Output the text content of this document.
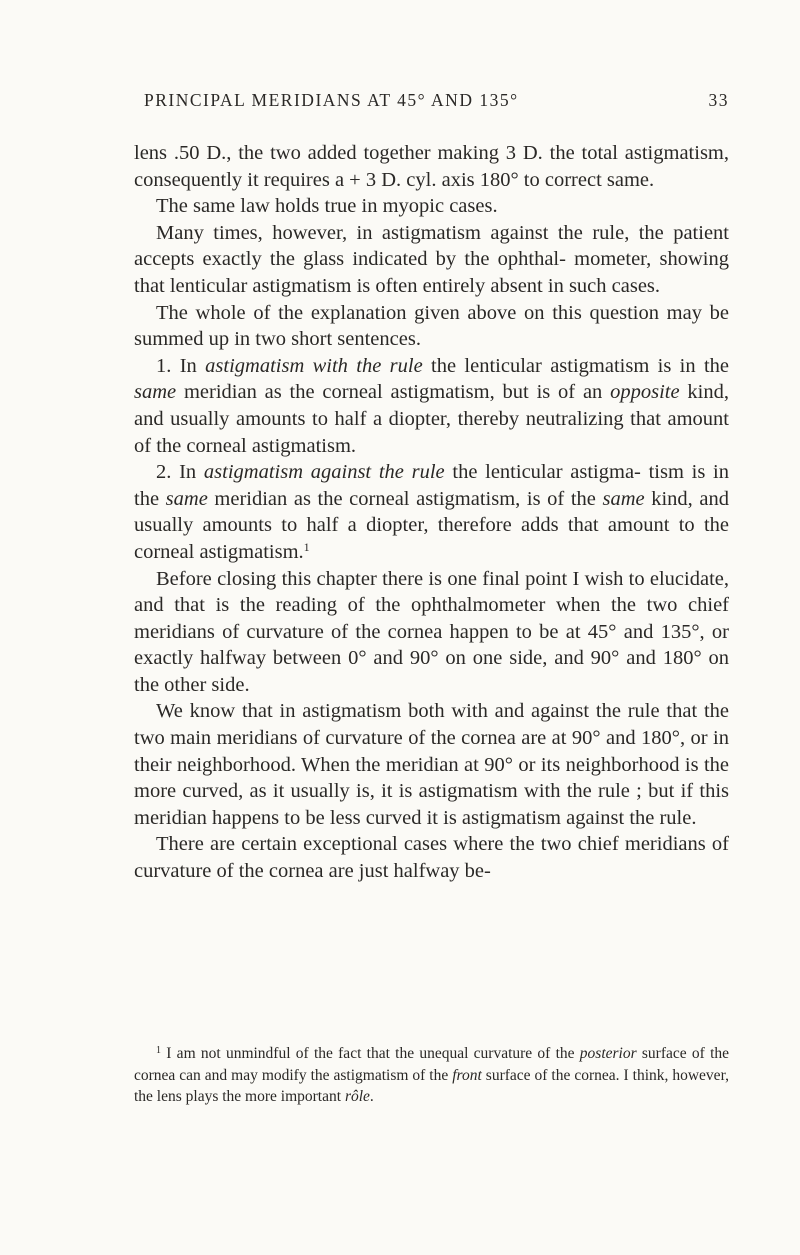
PRINCIPAL MERIDIANS AT 45° AND 135°	33

lens .50 D., the two added together making 3 D. the total astigmatism, consequently it requires a + 3 D. cyl. axis 180° to correct same.

The same law holds true in myopic cases.

Many times, however, in astigmatism against the rule, the patient accepts exactly the glass indicated by the ophthal- mometer, showing that lenticular astigmatism is often entirely absent in such cases.

The whole of the explanation given above on this question may be summed up in two short sentences.

1. In astigmatism with the rule the lenticular astigmatism is in the same meridian as the corneal astigmatism, but is of an opposite kind, and usually amounts to half a diopter, thereby neutralizing that amount of the corneal astigmatism.

2. In astigmatism against the rule the lenticular astigma- tism is in the same meridian as the corneal astigmatism, is of the same kind, and usually amounts to half a diopter, therefore adds that amount to the corneal astigmatism.$^1$

Before closing this chapter there is one final point I wish to elucidate, and that is the reading of the ophthalmometer when the two chief meridians of curvature of the cornea happen to be at 45° and 135°, or exactly halfway between 0° and 90° on one side, and 90° and 180° on the other side.

We know that in astigmatism both with and against the rule that the two main meridians of curvature of the cornea are at 90° and 180°, or in their neighborhood. When the meridian at 90° or its neighborhood is the more curved, as it usually is, it is astigmatism with the rule ; but if this meridian happens to be less curved it is astigmatism against the rule.

There are certain exceptional cases where the two chief meridians of curvature of the cornea are just halfway be-

$^1$ I am not unmindful of the fact that the unequal curvature of the posterior surface of the cornea can and may modify the astigmatism of the front surface of the cornea. I think, however, the lens plays the more important rôle.
